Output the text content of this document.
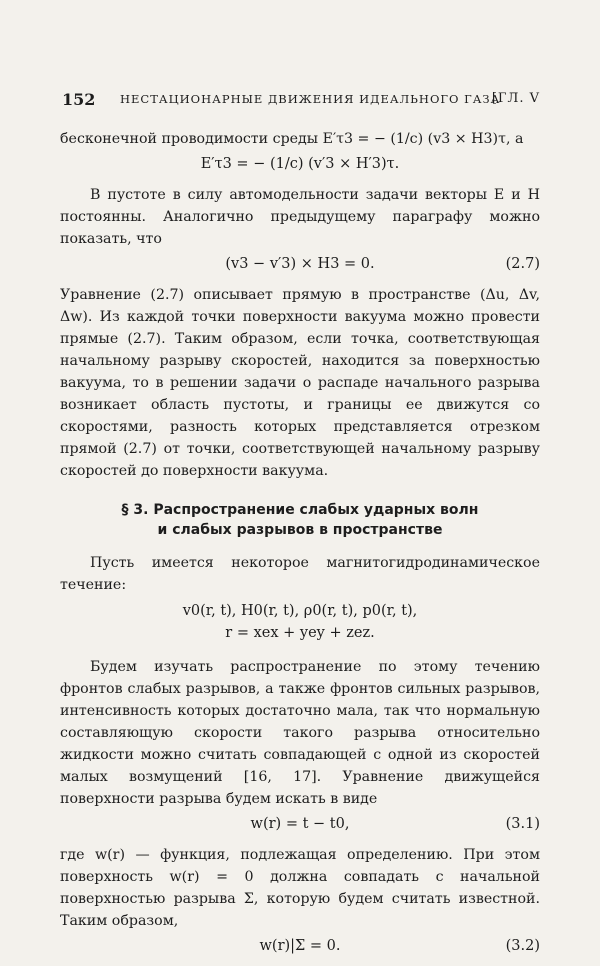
152 НЕСТАЦИОНАРНЫЕ ДВИЖЕНИЯ ИДЕАЛЬНОГО ГАЗА
[ГЛ. V

бесконечной проводимости среды E′τ3 = − (1/c) (v3 × H3)τ, а

E′τ3 = − (1/c) (v′3 × H′3)τ.

В пустоте в силу автомодельности задачи векторы E и H постоянны. Аналогично предыдущему параграфу можно показать, что

(v3 − v′3) × H3 = 0.	(2.7)

Уравнение (2.7) описывает прямую в пространстве (Δu, Δv, Δw). Из каждой точки поверхности вакуума можно провести прямые (2.7). Таким образом, если точка, соответствующая начальному разрыву скоростей, находится за поверхностью вакуума, то в решении задачи о распаде начального разрыва возникает область пустоты, и границы ее движутся со скоростями, разность которых представляется отрезком прямой (2.7) от точки, соответствующей начальному разрыву скоростей до поверхности вакуума.

§ 3. Распространение слабых ударных волн
и слабых разрывов в пространстве

Пусть имеется некоторое магнитогидродинамическое течение:

v0(r, t), H0(r, t), ρ0(r, t), p0(r, t),
r = xex + yey + zez.

Будем изучать распространение по этому течению фронтов слабых разрывов, а также фронтов сильных разрывов, интенсивность которых достаточно мала, так что нормальную составляющую скорости такого разрыва относительно жидкости можно считать совпадающей с одной из скоростей малых возмущений [16, 17]. Уравнение движущейся поверхности разрыва будем искать в виде

w(r) = t − t0,	(3.1)

где w(r) — функция, подлежащая определению. При этом поверхность w(r) = 0 должна совпадать с начальной поверхностью разрыва Σ, которую будем считать известной. Таким образом,

w(r)|Σ = 0.	(3.2)
